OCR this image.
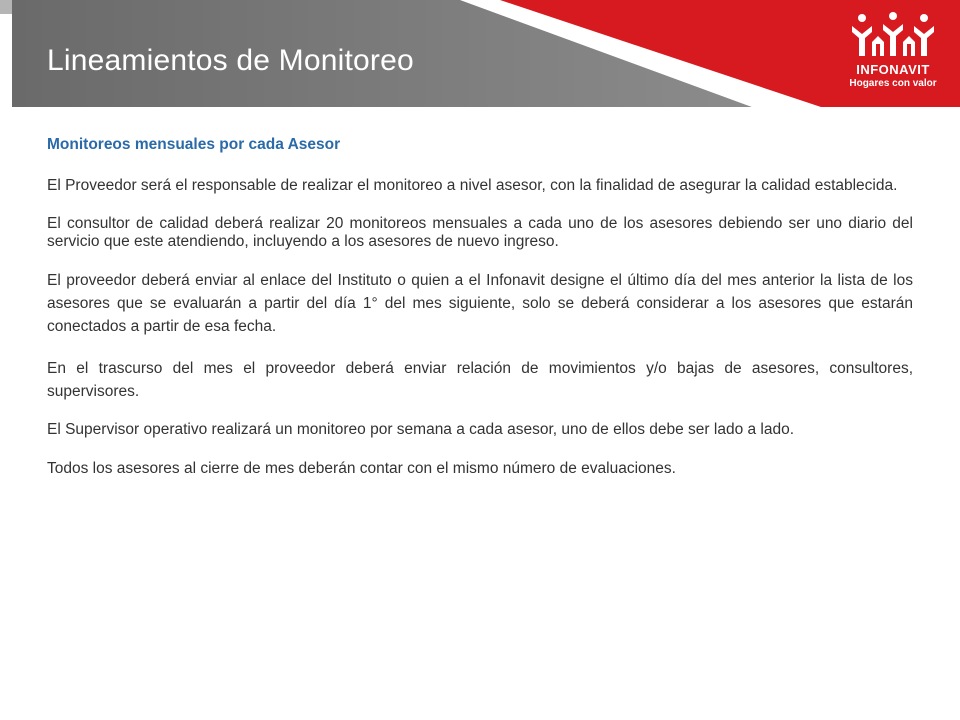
Lineamientos de Monitoreo	INFONAVIT
Hogares con valor

Monitoreos mensuales por cada Asesor

El Proveedor será el responsable de realizar el monitoreo a nivel asesor, con la finalidad de asegurar la calidad establecida.

El consultor de calidad deberá realizar 20 monitoreos mensuales a cada uno de los asesores debiendo ser uno diario del servicio que este atendiendo, incluyendo a los asesores de nuevo ingreso.

El proveedor deberá enviar al enlace del Instituto o quien a el Infonavit designe el último día del mes anterior la lista de los asesores que se evaluarán a partir del día 1° del mes siguiente, solo se deberá considerar a los asesores que estarán conectados a partir de esa fecha.

En el trascurso del mes el proveedor deberá enviar relación de movimientos y/o bajas de asesores, consultores, supervisores.

El Supervisor operativo realizará un monitoreo por semana a cada asesor, uno de ellos debe ser lado a lado.

Todos los asesores al cierre de mes deberán contar con el mismo número de evaluaciones.
